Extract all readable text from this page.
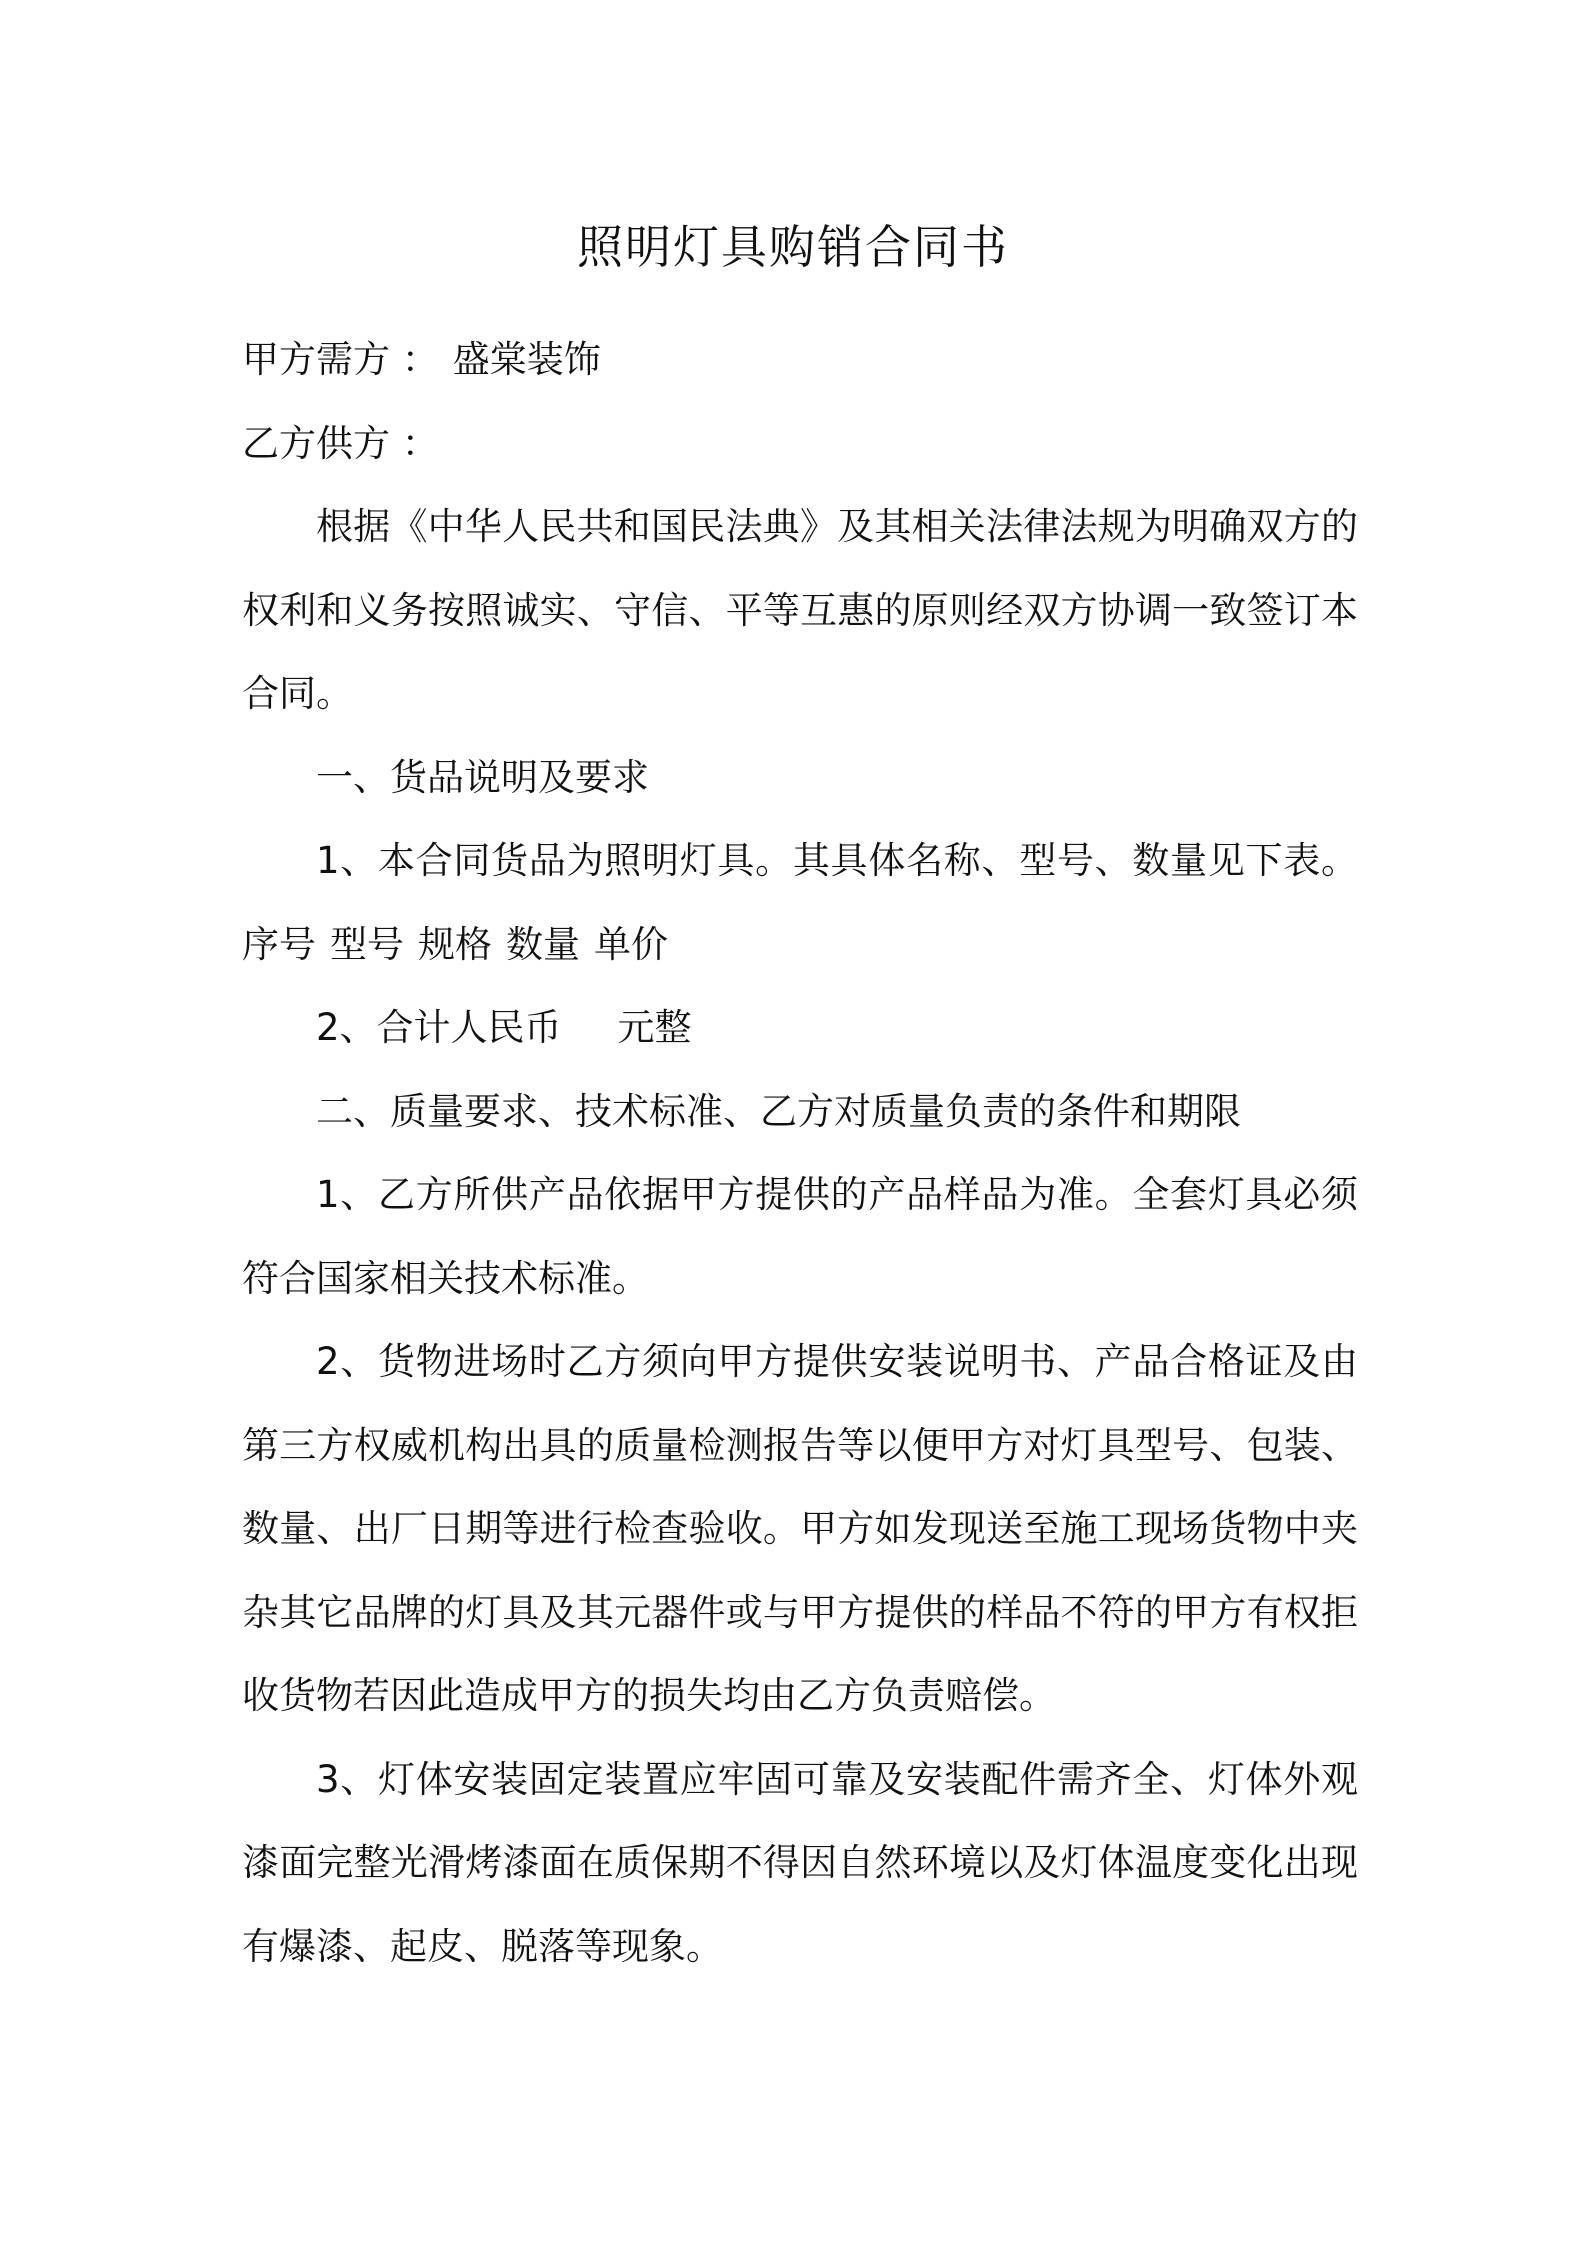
照明灯具购销合同书

甲方需方 ： 盛棠装饰

乙方供方 ：

根据《中华人民共和国民法典》及其相关法律法规为明确双方的权利和义务按照诚实、守信、平等互惠的原则经双方协调一致签订本合同。

一、货品说明及要求

1、本合同货品为照明灯具。其具体名称、型号、数量见下表。 序号 型号 规格 数量 单价

2、合计人民币 元整

二、质量要求、技术标准、乙方对质量负责的条件和期限

1、乙方所供产品依据甲方提供的产品样品为准。全套灯具必须符合国家相关技术标准。

2、货物进场时乙方须向甲方提供安装说明书、产品合格证及由第三方权威机构出具的质量检测报告等以便甲方对灯具型号、包装、数量、出厂日期等进行检查验收。甲方如发现送至施工现场货物中夹杂其它品牌的灯具及其元器件或与甲方提供的样品不符的甲方有权拒收货物若因此造成甲方的损失均由乙方负责赔偿。

3、灯体安装固定装置应牢固可靠及安装配件需齐全、灯体外观漆面完整光滑烤漆面在质保期不得因自然环境以及灯体温度变化出现有爆漆、起皮、脱落等现象。
